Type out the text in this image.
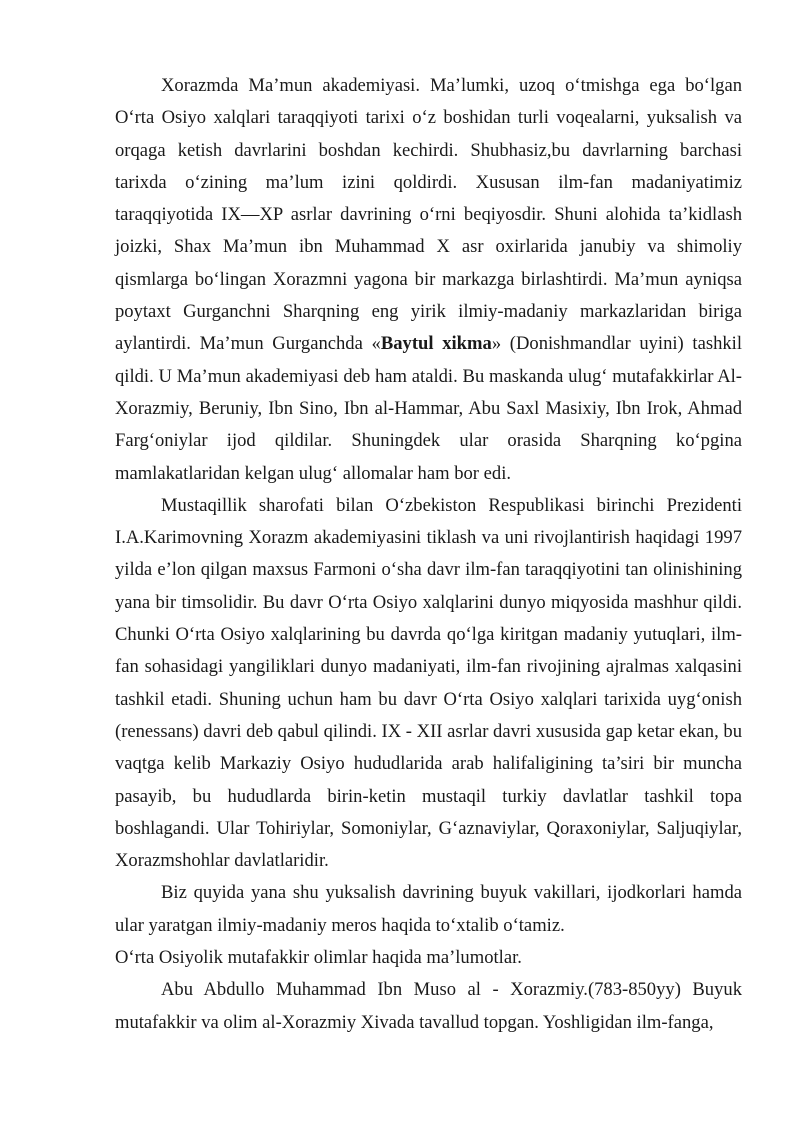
Xorazmda Ma’mun akademiyasi. Ma’lumki, uzoq o‘tmishga ega bo‘lgan O‘rta Osiyo xalqlari taraqqiyoti tarixi o‘z boshidan turli voqealarni, yuksalish va orqaga ketish davrlarini boshdan kechirdi. Shubhasiz,bu davrlarning barchasi tarixda o‘zining ma’lum izini qoldirdi. Xususan ilm-fan madaniyatimiz taraqqiyotida IX—XP asrlar davrining o‘rni beqiyosdir. Shuni alohida ta’kidlash joizki, Shax Ma’mun ibn Muhammad X asr oxirlarida janubiy va shimoliy qismlarga bo‘lingan Xorazmni yagona bir markazga birlashtirdi. Ma’mun ayniqsa poytaxt Gurganchni Sharqning eng yirik ilmiy-madaniy markazlaridan biriga aylantirdi. Ma’mun Gurganchda «Baytul xikma» (Donishmandlar uyini) tashkil qildi. U Ma’mun akademiyasi deb ham ataldi. Bu maskanda ulug‘ mutafakkirlar Al-Xorazmiy, Beruniy, Ibn Sino, Ibn al-Hammar, Abu Saxl Masixiy, Ibn Irok, Ahmad Farg‘oniylar ijod qildilar. Shuningdek ular orasida Sharqning ko‘pgina mamlakatlaridan kelgan ulug‘ allomalar ham bor edi.

Mustaqillik sharofati bilan O‘zbekiston Respublikasi birinchi Prezidenti I.A.Karimovning Xorazm akademiyasini tiklash va uni rivojlantirish haqidagi 1997 yilda e’lon qilgan maxsus Farmoni o‘sha davr ilm-fan taraqqiyotini tan olinishining yana bir timsolidir. Bu davr O‘rta Osiyo xalqlarini dunyo miqyosida mashhur qildi. Chunki O‘rta Osiyo xalqlarining bu davrda qo‘lga kiritgan madaniy yutuqlari, ilm-fan sohasidagi yangiliklari dunyo madaniyati, ilm-fan rivojining ajralmas xalqasini tashkil etadi. Shuning uchun ham bu davr O‘rta Osiyo xalqlari tarixida uyg‘onish (renessans) davri deb qabul qilindi. IX - XII asrlar davri xususida gap ketar ekan, bu vaqtga kelib Markaziy Osiyo hududlarida arab halifaligining ta’siri bir muncha pasayib, bu hududlarda birin-ketin mustaqil turkiy davlatlar tashkil topa boshlagandi. Ular Tohiriylar, Somoniylar, G‘aznaviylar, Qoraxoniylar, Saljuqiylar, Xorazmshohlar davlatlaridir.

Biz quyida yana shu yuksalish davrining buyuk vakillari, ijodkorlari hamda ular yaratgan ilmiy-madaniy meros haqida to‘xtalib o‘tamiz.

O‘rta Osiyolik mutafakkir olimlar haqida ma’lumotlar.

Abu Abdullo Muhammad Ibn Muso al - Xorazmiy.(783-850yy) Buyuk mutafakkir va olim al-Xorazmiy Xivada tavallud topgan. Yoshligidan ilm-fanga,
